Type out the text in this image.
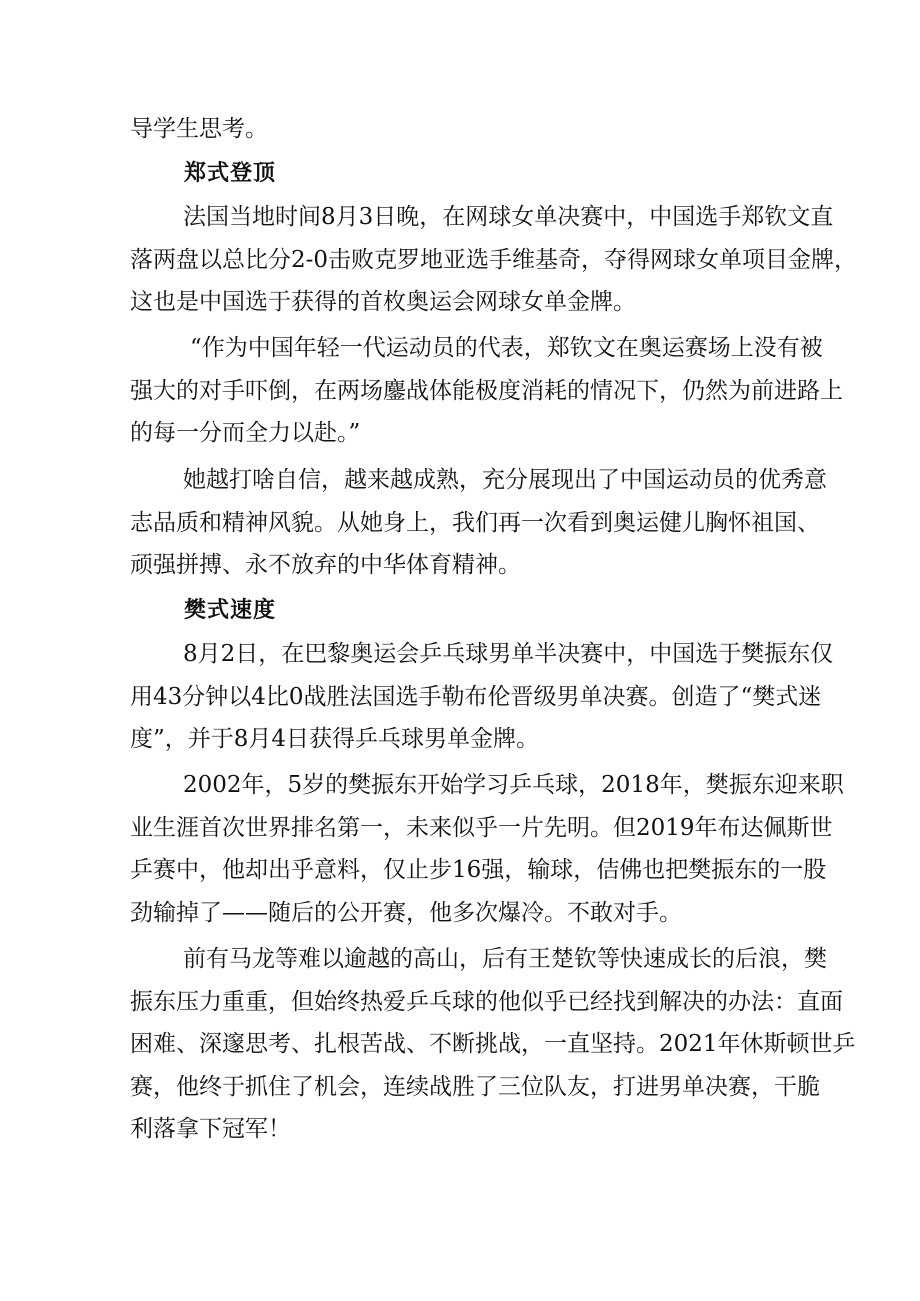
导学生思考。

郑式登顶

法国当地时间8月3日晚，在网球女单决赛中，中国选手郑钦文直
落两盘以总比分2-0击败克罗地亚选手维基奇，夺得网球女单项目金牌，
这也是中国选于获得的首枚奥运会网球女单金牌。

“作为中国年轻一代运动员的代表，郑钦文在奥运赛场上没有被
强大的对手吓倒，在两场鏖战体能极度消耗的情况下，仍然为前进路上
的每一分而全力以赴。”

她越打啥自信，越来越成熟，充分展现出了中国运动员的优秀意
志品质和精神风貌。从她身上，我们再一次看到奥运健儿胸怀祖国、
顽强拼搏、永不放弃的中华体育精神。

樊式速度

8月2日，在巴黎奥运会乒乓球男单半决赛中，中国选于樊振东仅
用43分钟以4比0战胜法国选手勒布伦晋级男单决赛。创造了“樊式迷
度”，并于8月4日获得乒乓球男单金牌。

2002年，5岁的樊振东开始学习乒乓球，2018年，樊振东迎来职
业生涯首次世界排名第一，未来似乎一片先明。但2019年布达佩斯世
乒赛中，他却出乎意料，仅止步16强，输球，佶佛也把樊振东的一股
劲输掉了——随后的公开赛，他多次爆冷。不敢对手。

前有马龙等难以逾越的高山，后有王楚钦等快速成长的后浪，樊
振东压力重重，但始终热爱乒乓球的他似乎已经找到解决的办法：直面
困难、深邃思考、扎根苦战、不断挑战，一直坚持。2021年休斯顿世乒
赛，他终于抓住了机会，连续战胜了三位队友，打进男单决赛，干脆
利落拿下冠军！
